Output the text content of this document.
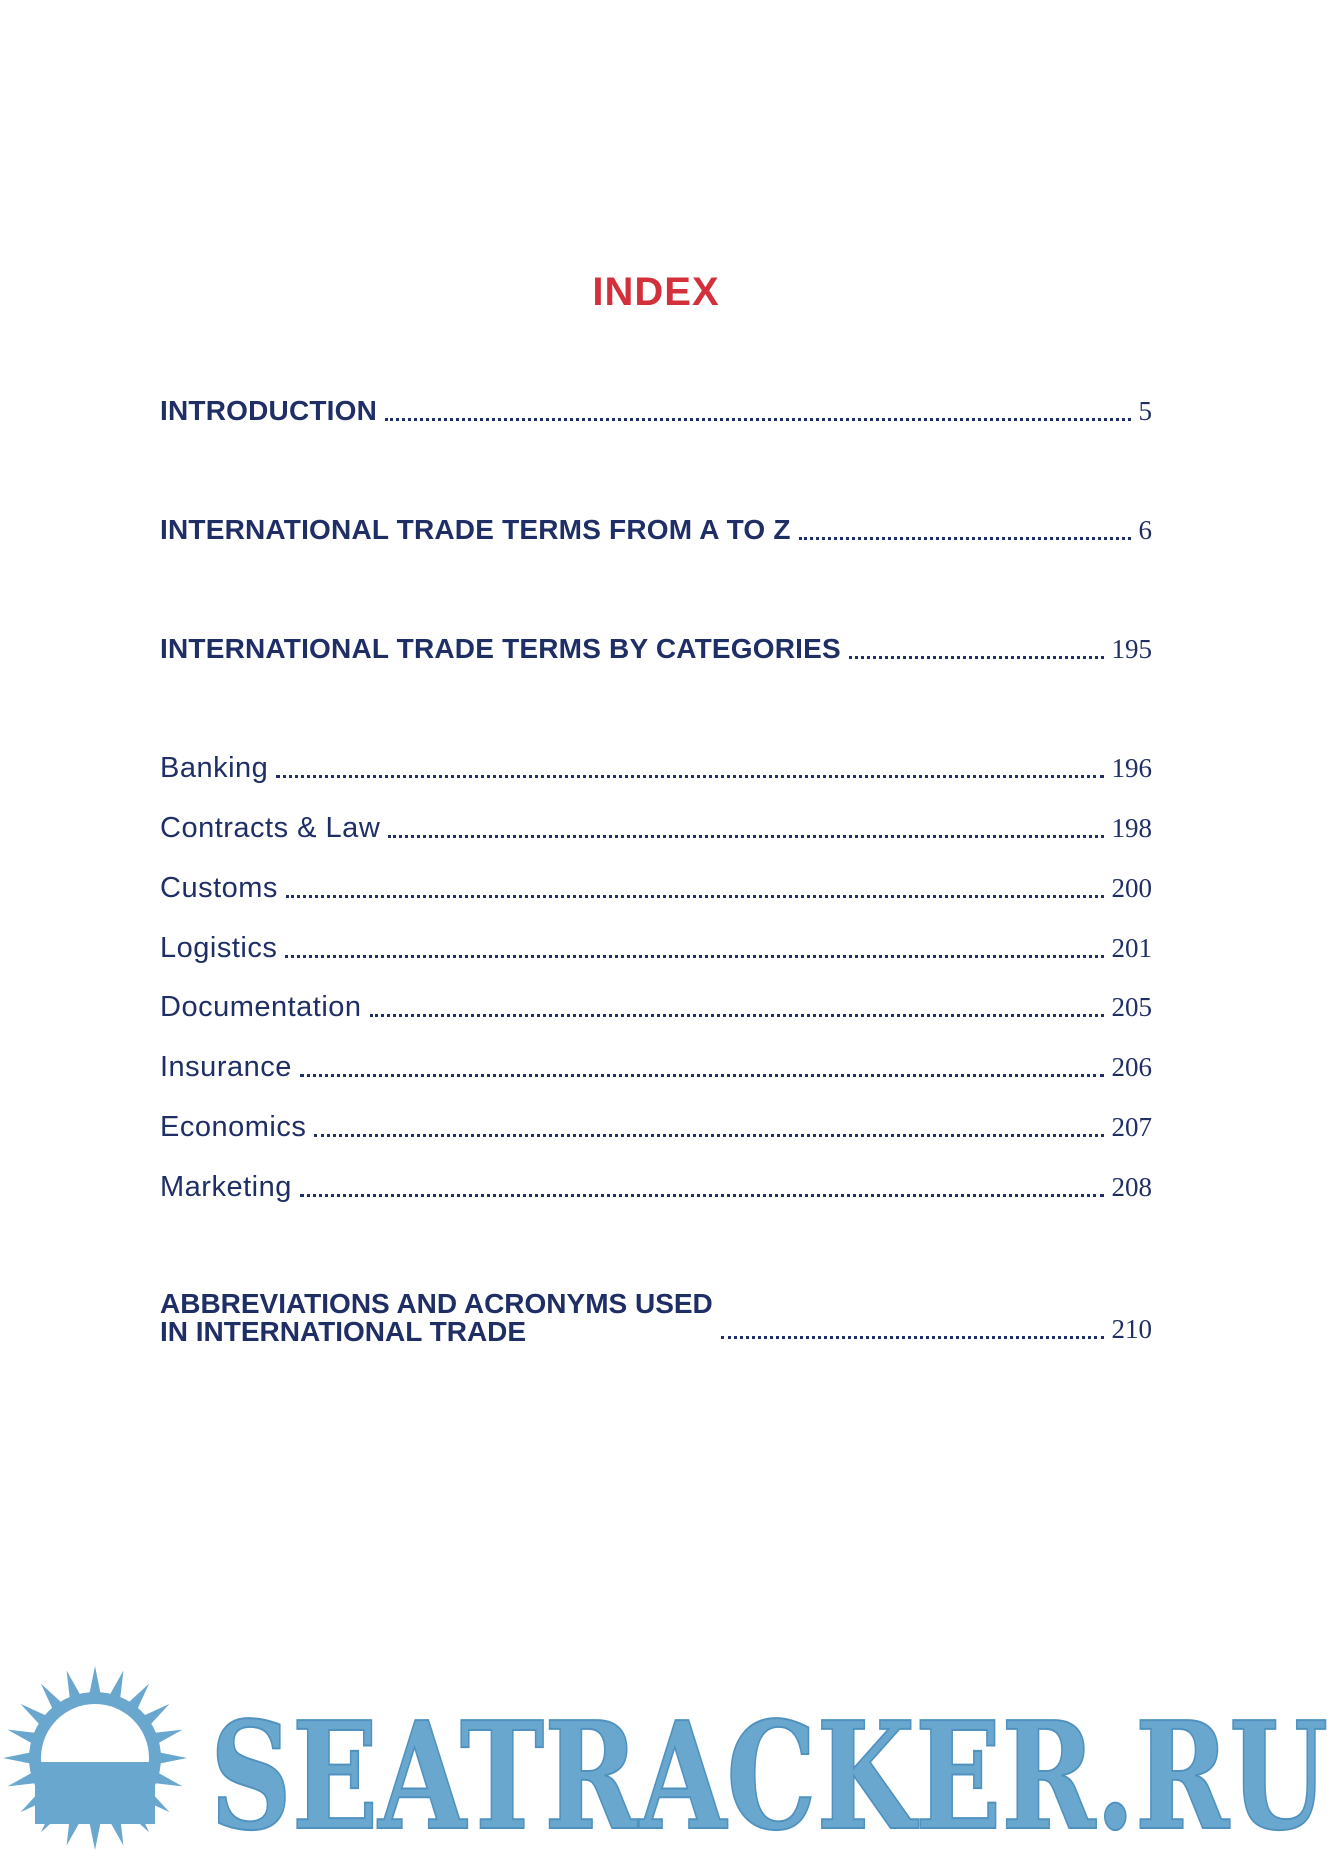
INDEX
INTRODUCTION	5
INTERNATIONAL TRADE TERMS FROM A TO Z	6
INTERNATIONAL TRADE TERMS BY CATEGORIES	195
Banking	196
Contracts & Law	198
Customs	200
Logistics	201
Documentation	205
Insurance	206
Economics	207
Marketing	208
ABBREVIATIONS AND ACRONYMS USED
IN INTERNATIONAL TRADE	210
SEATRACKER.RU
